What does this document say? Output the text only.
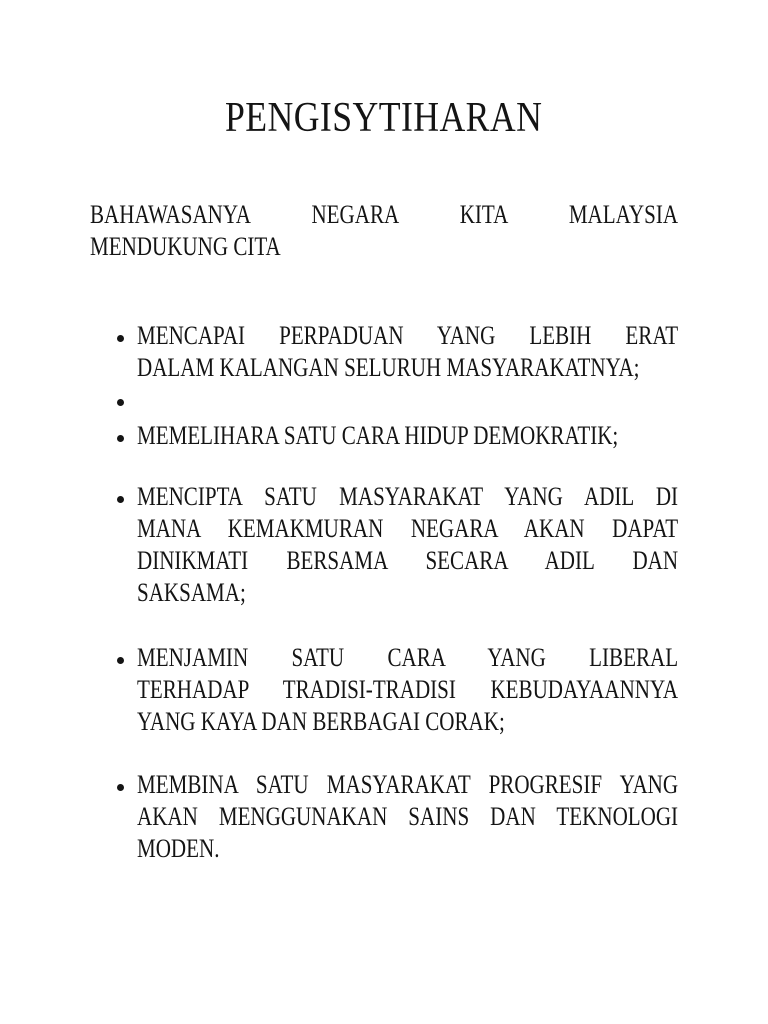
PENGISYTIHARAN
BAHAWASANYA NEGARA KITA MALAYSIA
MENDUKUNG CITA
MENCAPAI PERPADUAN YANG LEBIH ERAT
DALAM KALANGAN SELURUH MASYARAKATNYA;
MEMELIHARA SATU CARA HIDUP DEMOKRATIK;
MENCIPTA SATU MASYARAKAT YANG ADIL DI
MANA KEMAKMURAN NEGARA AKAN DAPAT
DINIKMATI BERSAMA SECARA ADIL DAN
SAKSAMA;
MENJAMIN SATU CARA YANG LIBERAL
TERHADAP TRADISI-TRADISI KEBUDAYAANNYA
YANG KAYA DAN BERBAGAI CORAK;
MEMBINA SATU MASYARAKAT PROGRESIF YANG
AKAN MENGGUNAKAN SAINS DAN TEKNOLOGI
MODEN.
